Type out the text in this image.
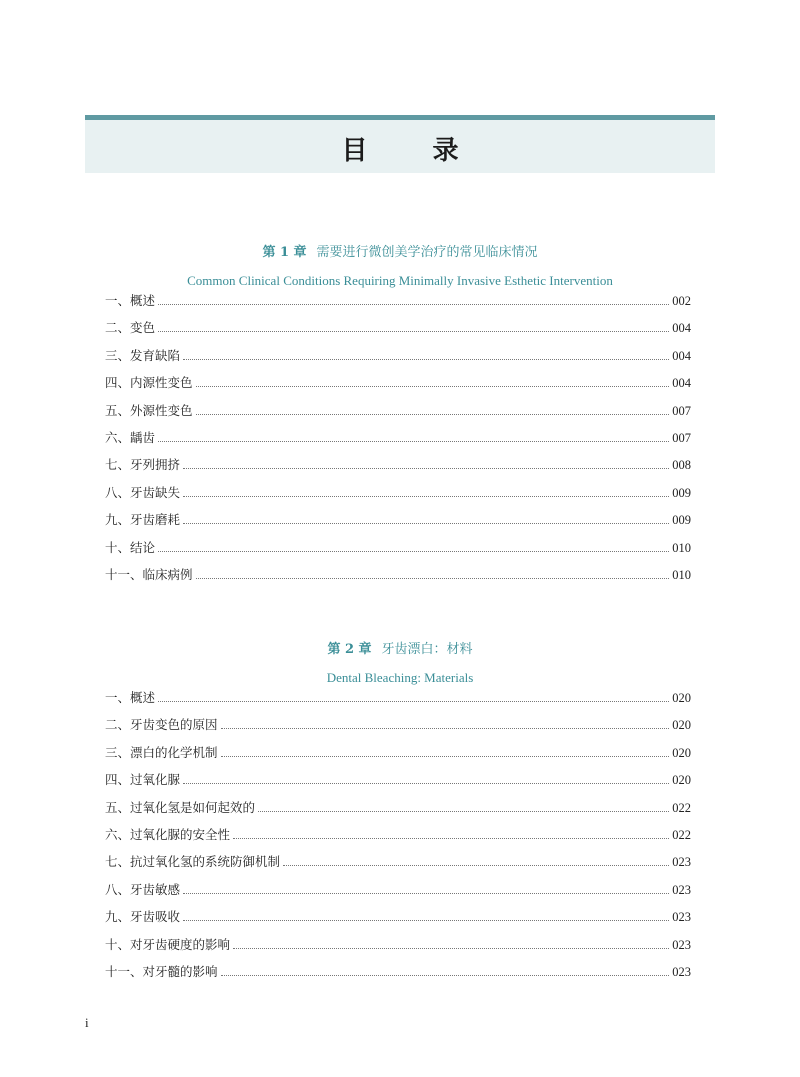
目 录
第 1 章 需要进行微创美学治疗的常见临床情况
Common Clinical Conditions Requiring Minimally Invasive Esthetic Intervention
一、概述	002
二、变色	004
三、发育缺陷	004
四、内源性变色	004
五、外源性变色	007
六、龋齿	007
七、牙列拥挤	008
八、牙齿缺失	009
九、牙齿磨耗	009
十、结论	010
十一、临床病例	010
第 2 章 牙齿漂白：材料
Dental Bleaching: Materials
一、概述	020
二、牙齿变色的原因	020
三、漂白的化学机制	020
四、过氧化脲	020
五、过氧化氢是如何起效的	022
六、过氧化脲的安全性	022
七、抗过氧化氢的系统防御机制	023
八、牙齿敏感	023
九、牙齿吸收	023
十、对牙齿硬度的影响	023
十一、对牙髓的影响	023
i
